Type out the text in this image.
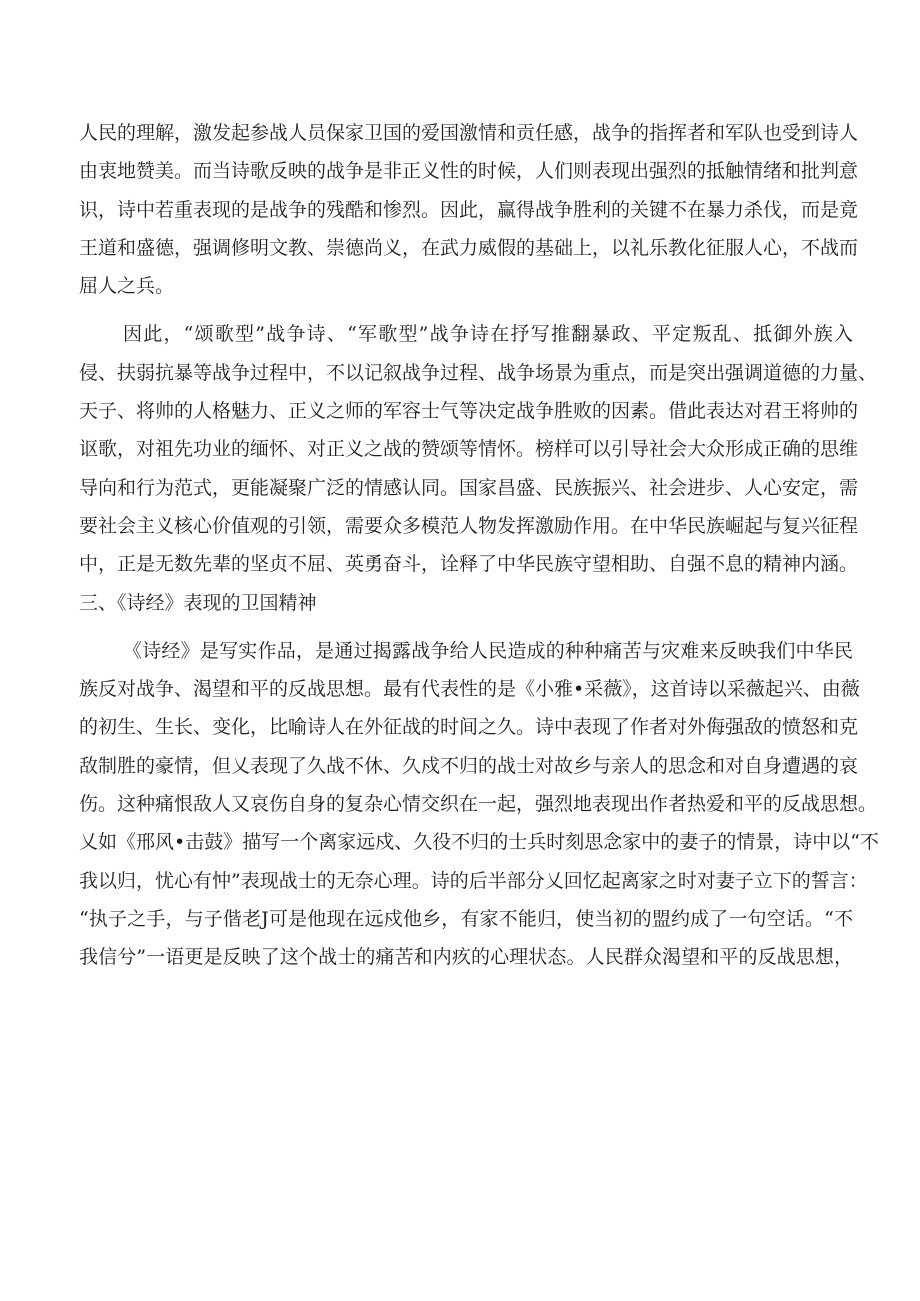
人民的理解，激发起参战人员保家卫国的爱国激情和贡任感，战争的指挥者和军队也受到诗人
由衷地赞美。而当诗歌反映的战争是非正义性的时候，人们则表现出强烈的抵触情绪和批判意
识，诗中若重表现的是战争的残酷和惨烈。因此，赢得战争胜利的关键不在暴力杀伐，而是竟
王道和盛德，强调修明文教、崇德尚义，在武力威假的基础上，以礼乐教化征服人心，不战而
屈人之兵。
因此，“颂歌型”战争诗、“军歌型”战争诗在抒写推翻暴政、平定叛乱、抵御外族入
侵、扶弱抗暴等战争过程中，不以记叙战争过程、战争场景为重点，而是突出强调道德的力量、
天子、将帅的人格魅力、正义之师的军容士气等决定战争胜败的因素。借此表达对君王将帅的
讴歌，对祖先功业的缅怀、对正义之战的赞颂等情怀。榜样可以引导社会大众形成正确的思维
导向和行为范式，更能凝聚广泛的情感认同。国家昌盛、民族振兴、社会进步、人心安定，需
要社会主义核心价值观的引领，需要众多模范人物发挥激励作用。在中华民族崛起与复兴征程
中，正是无数先辈的坚贞不屈、英勇奋斗，诠释了中华民族守望相助、自强不息的精神内涵。
三、《诗经》表现的卫国精神
《诗经》是写实作品，是通过揭露战争给人民造成的种种痛苦与灾难来反映我们中华民
族反对战争、渴望和平的反战思想。最有代表性的是《小雅•采薇》，这首诗以采薇起兴、由薇
的初生、生长、变化，比喻诗人在外征战的时间之久。诗中表现了作者对外侮强敌的愤怒和克
敌制胜的豪情，但乂表现了久战不休、久戍不归的战士对故乡与亲人的思念和对自身遭遇的哀
伤。这种痛恨敌人又哀伤自身的复杂心情交织在一起，强烈地表现出作者热爱和平的反战思想。
乂如《邢风•击鼓》描写一个离家远戍、久役不归的士兵时刻思念家中的妻子的情景，诗中以“不
我以归，忧心有忡”表现战士的无奈心理。诗的后半部分乂回忆起离家之时对妻子立下的誓言：
“执子之手，与子偕老J可是他现在远戍他乡，有家不能归，使当初的盟约成了一句空话。“不
我信兮”一语更是反映了这个战士的痛苦和内疚的心理状态。人民群众渴望和平的反战思想，
